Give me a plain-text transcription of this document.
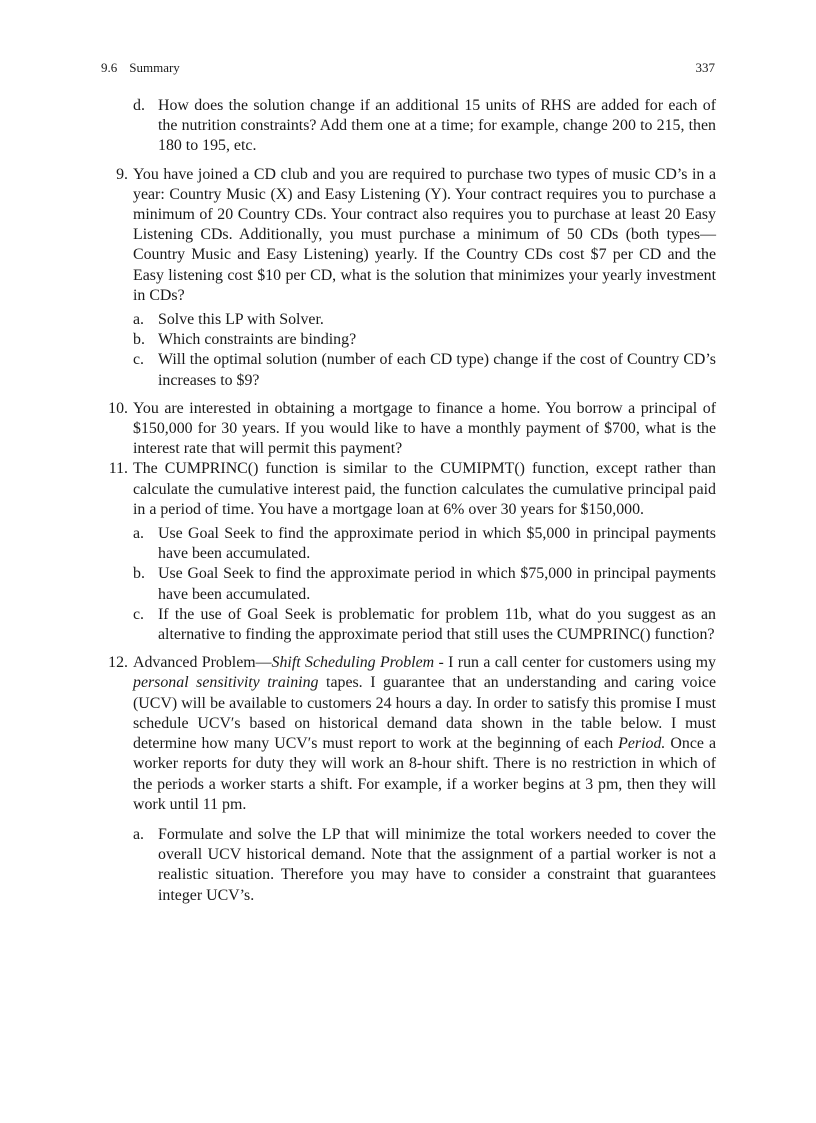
9.6 Summary	337
d. How does the solution change if an additional 15 units of RHS are added for each of the nutrition constraints? Add them one at a time; for example, change 200 to 215, then 180 to 195, etc.

9. You have joined a CD club and you are required to purchase two types of music CD’s in a year: Country Music (X) and Easy Listening (Y). Your contract requires you to purchase a minimum of 20 Country CDs. Your contract also requires you to purchase at least 20 Easy Listening CDs. Additionally, you must purchase a minimum of 50 CDs (both types—Country Music and Easy Listening) yearly. If the Country CDs cost $7 per CD and the Easy listening cost $10 per CD, what is the solution that minimizes your yearly investment in CDs?

a. Solve this LP with Solver.

b. Which constraints are binding?

c. Will the optimal solution (number of each CD type) change if the cost of Country CD’s increases to $9?

10. You are interested in obtaining a mortgage to finance a home. You borrow a principal of $150,000 for 30 years. If you would like to have a monthly payment of $700, what is the interest rate that will permit this payment?

11. The CUMPRINC() function is similar to the CUMIPMT() function, except rather than calculate the cumulative interest paid, the function calculates the cumulative principal paid in a period of time. You have a mortgage loan at 6% over 30 years for $150,000.

a. Use Goal Seek to find the approximate period in which $5,000 in principal payments have been accumulated.

b. Use Goal Seek to find the approximate period in which $75,000 in principal payments have been accumulated.

c. If the use of Goal Seek is problematic for problem 11b, what do you suggest as an alternative to finding the approximate period that still uses the CUMPRINC() function?

12. Advanced Problem—Shift Scheduling Problem - I run a call center for customers using my personal sensitivity training tapes. I guarantee that an understanding and caring voice (UCV) will be available to customers 24 hours a day. In order to satisfy this promise I must schedule UCV′s based on historical demand data shown in the table below. I must determine how many UCV′s must report to work at the beginning of each Period. Once a worker reports for duty they will work an 8-hour shift. There is no restriction in which of the periods a worker starts a shift. For example, if a worker begins at 3 pm, then they will work until 11 pm.

a. Formulate and solve the LP that will minimize the total workers needed to cover the overall UCV historical demand. Note that the assignment of a partial worker is not a realistic situation. Therefore you may have to consider a constraint that guarantees integer UCV’s.
